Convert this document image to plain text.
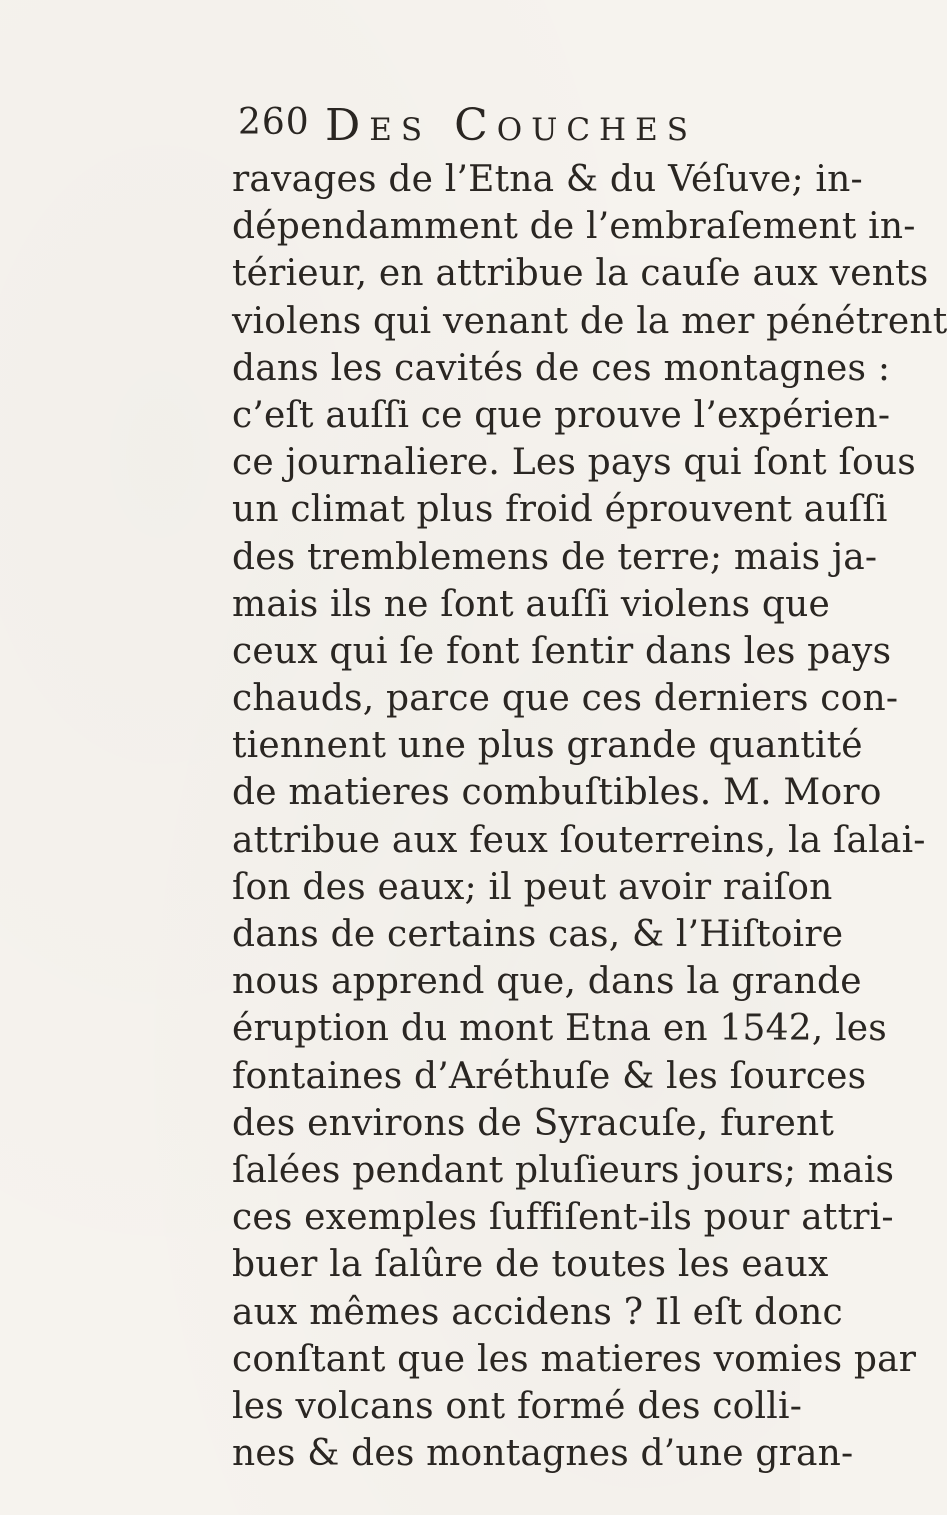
260 Des Couches
ravages de l’Etna & du Véſuve; in-
dépendamment de l’embraſement in-
térieur, en attribue la cauſe aux vents
violens qui venant de la mer pénétrent
dans les cavités de ces montagnes :
c’eſt auſſi ce que prouve l’expérien-
ce journaliere. Les pays qui ſont ſous
un climat plus froid éprouvent auſſi
des tremblemens de terre; mais ja-
mais ils ne ſont auſſi violens que
ceux qui ſe font ſentir dans les pays
chauds, parce que ces derniers con-
tiennent une plus grande quantité
de matieres combuſtibles. M. Moro
attribue aux feux ſouterreins, la ſalai-
ſon des eaux; il peut avoir raiſon
dans de certains cas, & l’Hiſtoire
nous apprend que, dans la grande
éruption du mont Etna en 1542, les
fontaines d’Aréthuſe & les ſources
des environs de Syracuſe, furent
ſalées pendant pluſieurs jours; mais
ces exemples ſuffiſent-ils pour attri-
buer la ſalûre de toutes les eaux
aux mêmes accidens ? Il eſt donc
conſtant que les matieres vomies par
les volcans ont formé des colli-
nes & des montagnes d’une gran-
